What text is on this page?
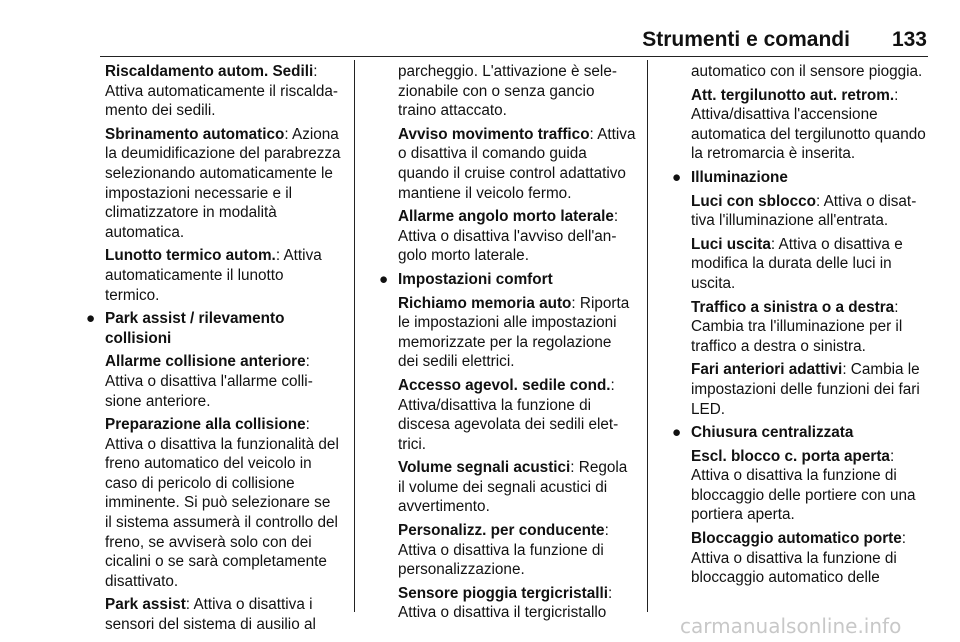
Strumenti e comandi 133
Riscaldamento autom. Sedili: Attiva automaticamente il riscaldamento dei sedili.
Sbrinamento automatico: Aziona la deumidificazione del parabrezza selezionando automaticamente le impostazioni necessarie e il climatizzatore in modalità automatica.
Lunotto termico autom.: Attiva automaticamente il lunotto termico.
● Park assist / rilevamento collisioni
Allarme collisione anteriore: Attiva o disattiva l'allarme collisione anteriore.
Preparazione alla collisione: Attiva o disattiva la funzionalità del freno automatico del veicolo in caso di pericolo di collisione imminente. Si può selezionare se il sistema assumerà il controllo del freno, se avviserà solo con dei cicalini o se sarà completamente disattivato.
Park assist: Attiva o disattiva i sensori del sistema di ausilio al
parcheggio. L'attivazione è selezionabile con o senza gancio traino attaccato.
Avviso movimento traffico: Attiva o disattiva il comando guida quando il cruise control adattativo mantiene il veicolo fermo.
Allarme angolo morto laterale: Attiva o disattiva l'avviso dell'angolo morto laterale.
● Impostazioni comfort
Richiamo memoria auto: Riporta le impostazioni alle impostazioni memorizzate per la regolazione dei sedili elettrici.
Accesso agevol. sedile cond.: Attiva/disattiva la funzione di discesa agevolata dei sedili elettrici.
Volume segnali acustici: Regola il volume dei segnali acustici di avvertimento.
Personalizz. per conducente: Attiva o disattiva la funzione di personalizzazione.
Sensore pioggia tergicristalli: Attiva o disattiva il tergicristallo
automatico con il sensore pioggia.
Att. tergilunotto aut. retrom.: Attiva/disattiva l'accensione automatica del tergilunotto quando la retromarcia è inserita.
● Illuminazione
Luci con sblocco: Attiva o disattiva l'illuminazione all'entrata.
Luci uscita: Attiva o disattiva e modifica la durata delle luci in uscita.
Traffico a sinistra o a destra: Cambia tra l'illuminazione per il traffico a destra o sinistra.
Fari anteriori adattivi: Cambia le impostazioni delle funzioni dei fari LED.
● Chiusura centralizzata
Escl. blocco c. porta aperta: Attiva o disattiva la funzione di bloccaggio delle portiere con una portiera aperta.
Bloccaggio automatico porte: Attiva o disattiva la funzione di bloccaggio automatico delle
carmanualsonline.info
